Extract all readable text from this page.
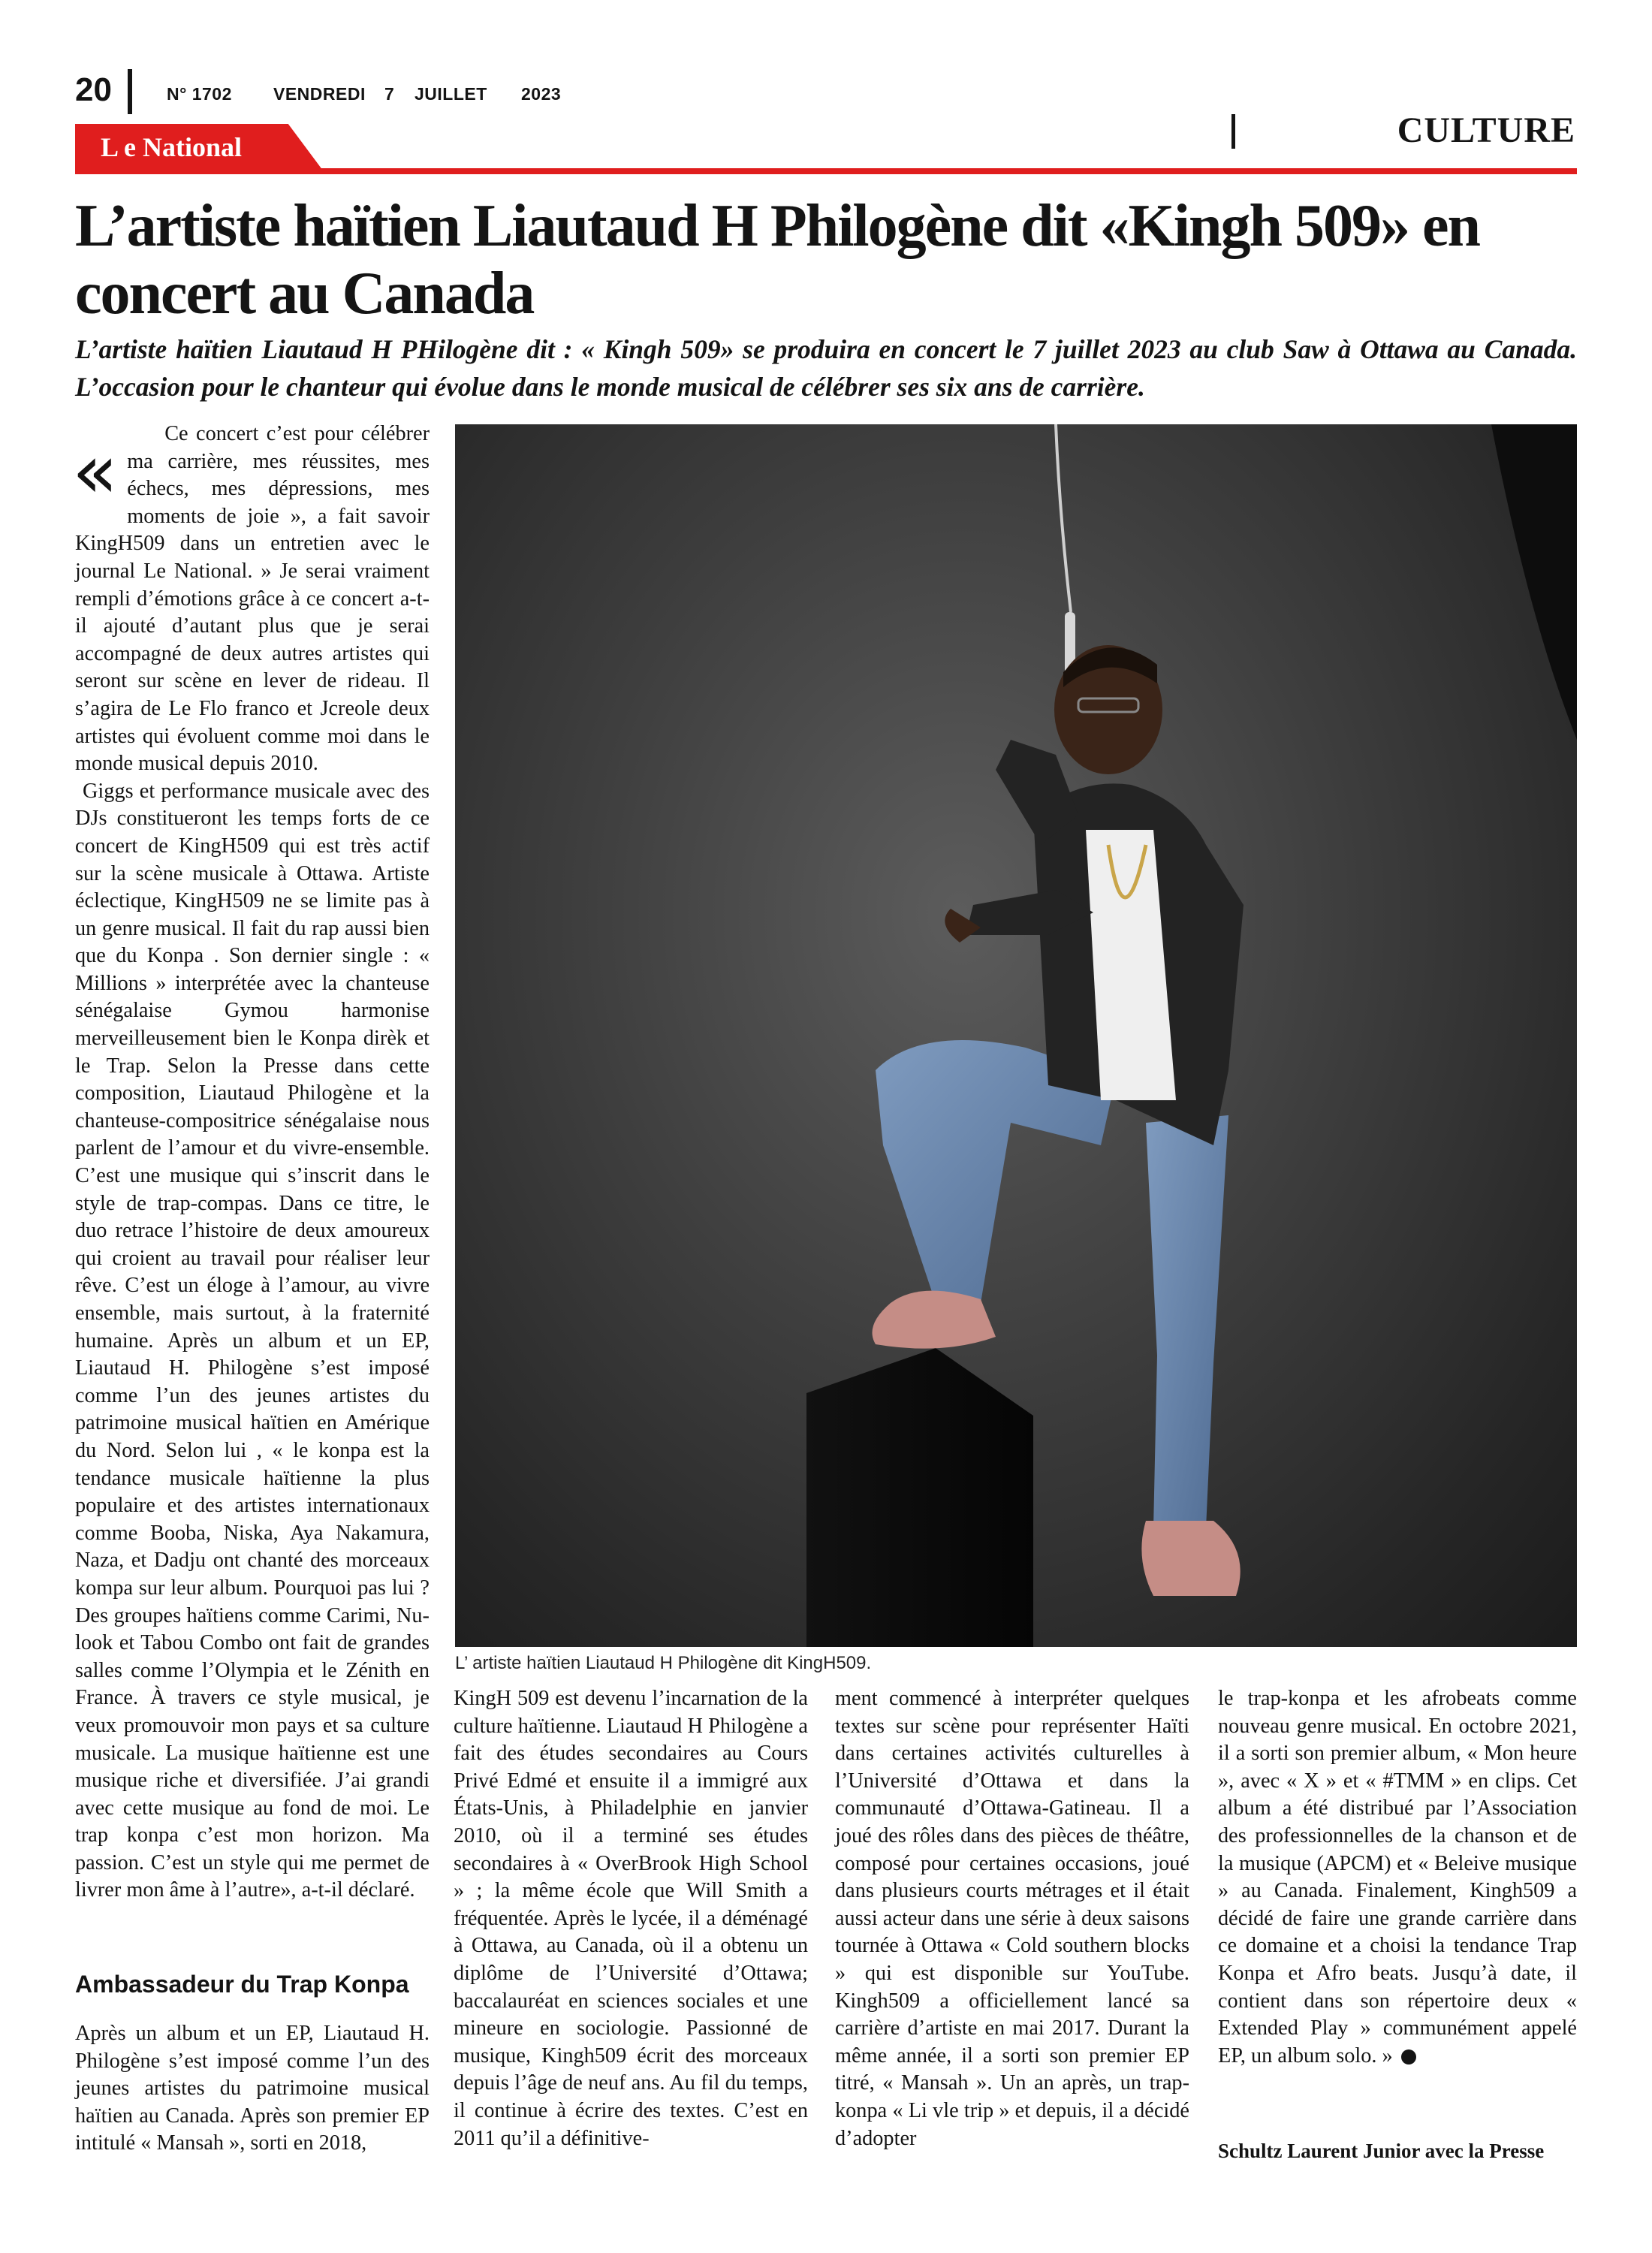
20	N° 1702 VENDREDI 7 JUILLET 2023
CULTURE
L e National
L’artiste haïtien Liautaud H Philogène dit «Kingh 509» en concert au Canada

L’artiste haïtien Liautaud H PHilogène dit : « Kingh 509» se produira en concert le 7 juillet 2023 au club Saw à Ottawa au Canada. L’occasion pour le chanteur qui évolue dans le monde musical de célébrer ses six ans de carrière.

« Ce concert c’est pour célébrer ma carrière, mes réussites, mes échecs, mes dépressions, mes moments de joie », a fait savoir KingH509 dans un entretien avec le journal Le National. » Je serai vraiment rempli d’émotions grâce à ce concert a-t-il ajouté d’autant plus que je serai accompagné de deux autres artistes qui seront sur scène en lever de rideau. Il s’agira de Le Flo franco et Jcreole deux artistes qui évoluent comme moi dans le monde musical depuis 2010.

Giggs et performance musicale avec des DJs constitueront les temps forts de ce concert de KingH509 qui est très actif sur la scène musicale à Ottawa. Artiste éclectique, KingH509 ne se limite pas à un genre musical. Il fait du rap aussi bien que du Konpa . Son dernier single : « Millions » interprétée avec la chanteuse sénégalaise Gymou harmonise merveilleusement bien le Konpa dirèk et le Trap. Selon la Presse dans cette composition, Liautaud Philogène et la chanteuse-compositrice sénégalaise nous parlent de l’amour et du vivre-ensemble. C’est une musique qui s’inscrit dans le style de trap-compas. Dans ce titre, le duo retrace l’histoire de deux amoureux qui croient au travail pour réaliser leur rêve. C’est un éloge à l’amour, au vivre ensemble, mais surtout, à la fraternité humaine. Après un album et un EP, Liautaud H. Philogène s’est imposé comme l’un des jeunes artistes du patrimoine musical haïtien en Amérique du Nord. Selon lui , « le konpa est la tendance musicale haïtienne la plus populaire et des artistes internationaux comme Booba, Niska, Aya Nakamura, Naza, et Dadju ont chanté des morceaux kompa sur leur album. Pourquoi pas lui ? Des groupes haïtiens comme Carimi, Nu-look et Tabou Combo ont fait de grandes salles comme l’Olympia et le Zénith en France. À travers ce style musical, je veux promouvoir mon pays et sa culture musicale. La musique haïtienne est une musique riche et diversifiée. J’ai grandi avec cette musique au fond de moi. Le trap konpa c’est mon horizon. Ma passion. C’est un style qui me permet de livrer mon âme à l’autre», a-t-il déclaré.

Ambassadeur du Trap Konpa

Après un album et un EP, Liautaud H. Philogène s’est imposé comme l’un des jeunes artistes du patrimoine musical haïtien au Canada. Après son premier EP intitulé « Mansah », sorti en 2018,

L’ artiste haïtien Liautaud H Philogène dit KingH509.

KingH 509 est devenu l’incarnation de la culture haïtienne. Liautaud H Philogène a fait des études secondaires au Cours Privé Edmé et ensuite il a immigré aux États-Unis, à Philadelphie en janvier 2010, où il a terminé ses études secondaires à « OverBrook High School » ; la même école que Will Smith a fréquentée. Après le lycée, il a déménagé à Ottawa, au Canada, où il a obtenu un diplôme de l’Université d’Ottawa; baccalauréat en sciences sociales et une mineure en sociologie. Passionné de musique, Kingh509 écrit des morceaux depuis l’âge de neuf ans. Au fil du temps, il continue à écrire des textes. C’est en 2011 qu’il a définitive-

ment commencé à interpréter quelques textes sur scène pour représenter Haïti dans certaines activités culturelles à l’Université d’Ottawa et dans la communauté d’Ottawa-Gatineau. Il a joué des rôles dans des pièces de théâtre, composé pour certaines occasions, joué dans plusieurs courts métrages et il était aussi acteur dans une série à deux saisons tournée à Ottawa « Cold southern blocks » qui est disponible sur YouTube. Kingh509 a officiellement lancé sa carrière d’artiste en mai 2017. Durant la même année, il a sorti son premier EP titré, « Mansah ». Un an après, un trap-konpa « Li vle trip » et depuis, il a décidé d’adopter

le trap-konpa et les afrobeats comme nouveau genre musical. En octobre 2021, il a sorti son premier album, « Mon heure », avec « X » et « #TMM » en clips. Cet album a été distribué par l’Association des professionnelles de la chanson et de la musique (APCM) et « Beleive musique » au Canada. Finalement, Kingh509 a décidé de faire une grande carrière dans ce domaine et a choisi la tendance Trap Konpa et Afro beats. Jusqu’à date, il contient dans son répertoire deux « Extended Play » communément appelé EP, un album solo. »

Schultz Laurent Junior avec la Presse
